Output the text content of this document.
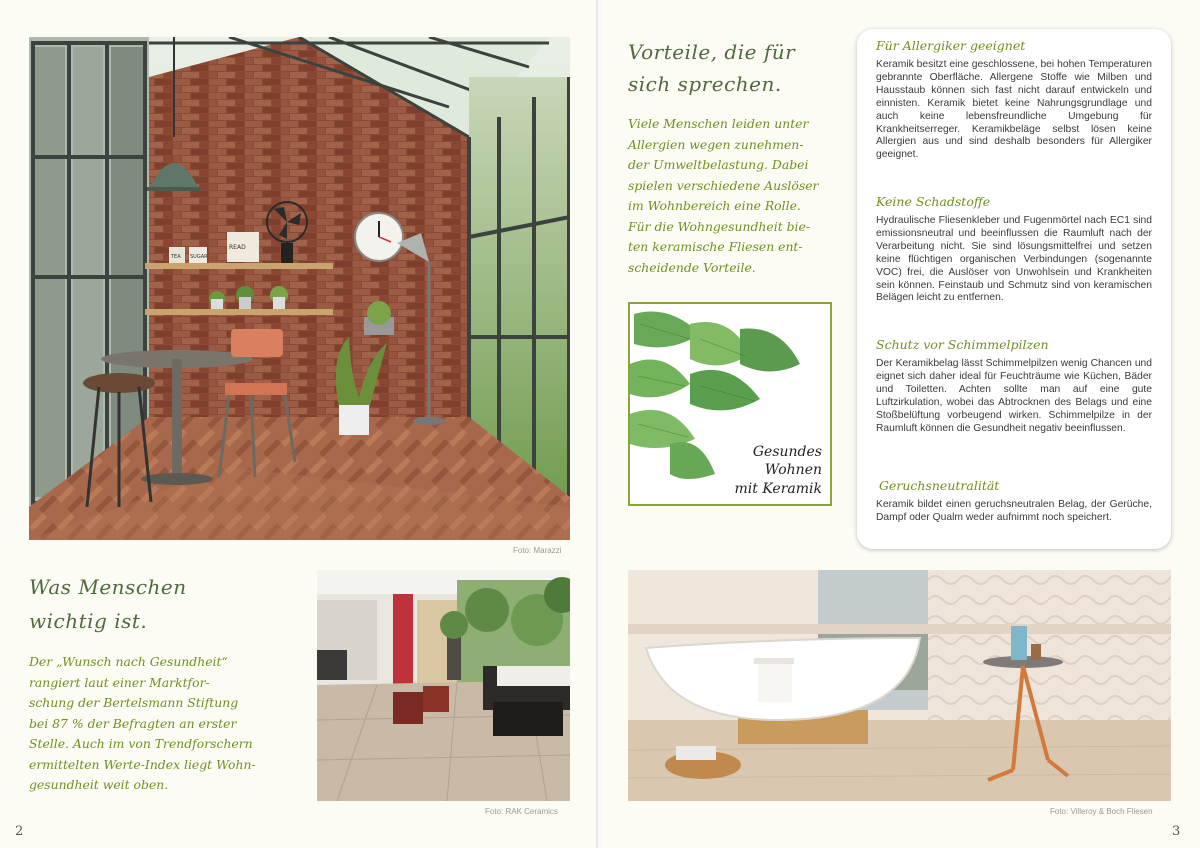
TEA SUGAR
READ
Foto: Marazzi
Was Menschen
wichtig ist.
Der „Wunsch nach Gesundheit“
rangiert laut einer Marktfor-
schung der Bertelsmann Stiftung
bei 87 % der Befragten an erster
Stelle. Auch im von Trendforschern
ermittelten Werte-Index liegt Wohn-
gesundheit weit oben.
Foto: RAK Ceramics
2
Vorteile, die für
sich sprechen.
Viele Menschen leiden unter
Allergien wegen zunehmen-
der Umweltbelastung. Dabei
spielen verschiedene Auslöser
im Wohnbereich eine Rolle.
Für die Wohngesundheit bie-
ten keramische Fliesen ent-
scheidende Vorteile.
Gesundes
Wohnen
mit Keramik
Für Allergiker geeignet
Keramik besitzt eine geschlossene, bei hohen Temperaturen gebrannte Oberfläche. Allergene Stoffe wie Milben und Hausstaub können sich fast nicht darauf entwickeln und einnisten. Keramik bietet keine Nahrungsgrundlage und auch keine lebensfreundliche Umgebung für Krankheitserreger. Keramikbeläge selbst lösen keine Allergien aus und sind deshalb besonders für Allergiker geeignet.
Keine Schadstoffe
Hydraulische Fliesenkleber und Fugenmörtel nach EC1 sind emissionsneutral und beeinflussen die Raumluft nach der Verarbeitung nicht. Sie sind lösungsmittelfrei und setzen keine flüchtigen organischen Verbindungen (sogenannte VOC) frei, die Auslöser von Unwohlsein und Krankheiten sein können. Feinstaub und Schmutz sind von keramischen Belägen leicht zu entfernen.
Schutz vor Schimmelpilzen
Der Keramikbelag lässt Schimmelpilzen wenig Chancen und eignet sich daher ideal für Feuchträume wie Küchen, Bäder und Toiletten. Achten sollte man auf eine gute Luftzirkulation, wobei das Abtrocknen des Belags und eine Stoßbelüftung vorbeugend wirken. Schimmelpilze in der Raumluft können die Gesundheit negativ beeinflussen.
Geruchsneutralität
Keramik bildet einen geruchsneutralen Belag, der Gerüche, Dampf oder Qualm weder aufnimmt noch speichert.
Foto: Villeroy & Boch Fliesen
3
